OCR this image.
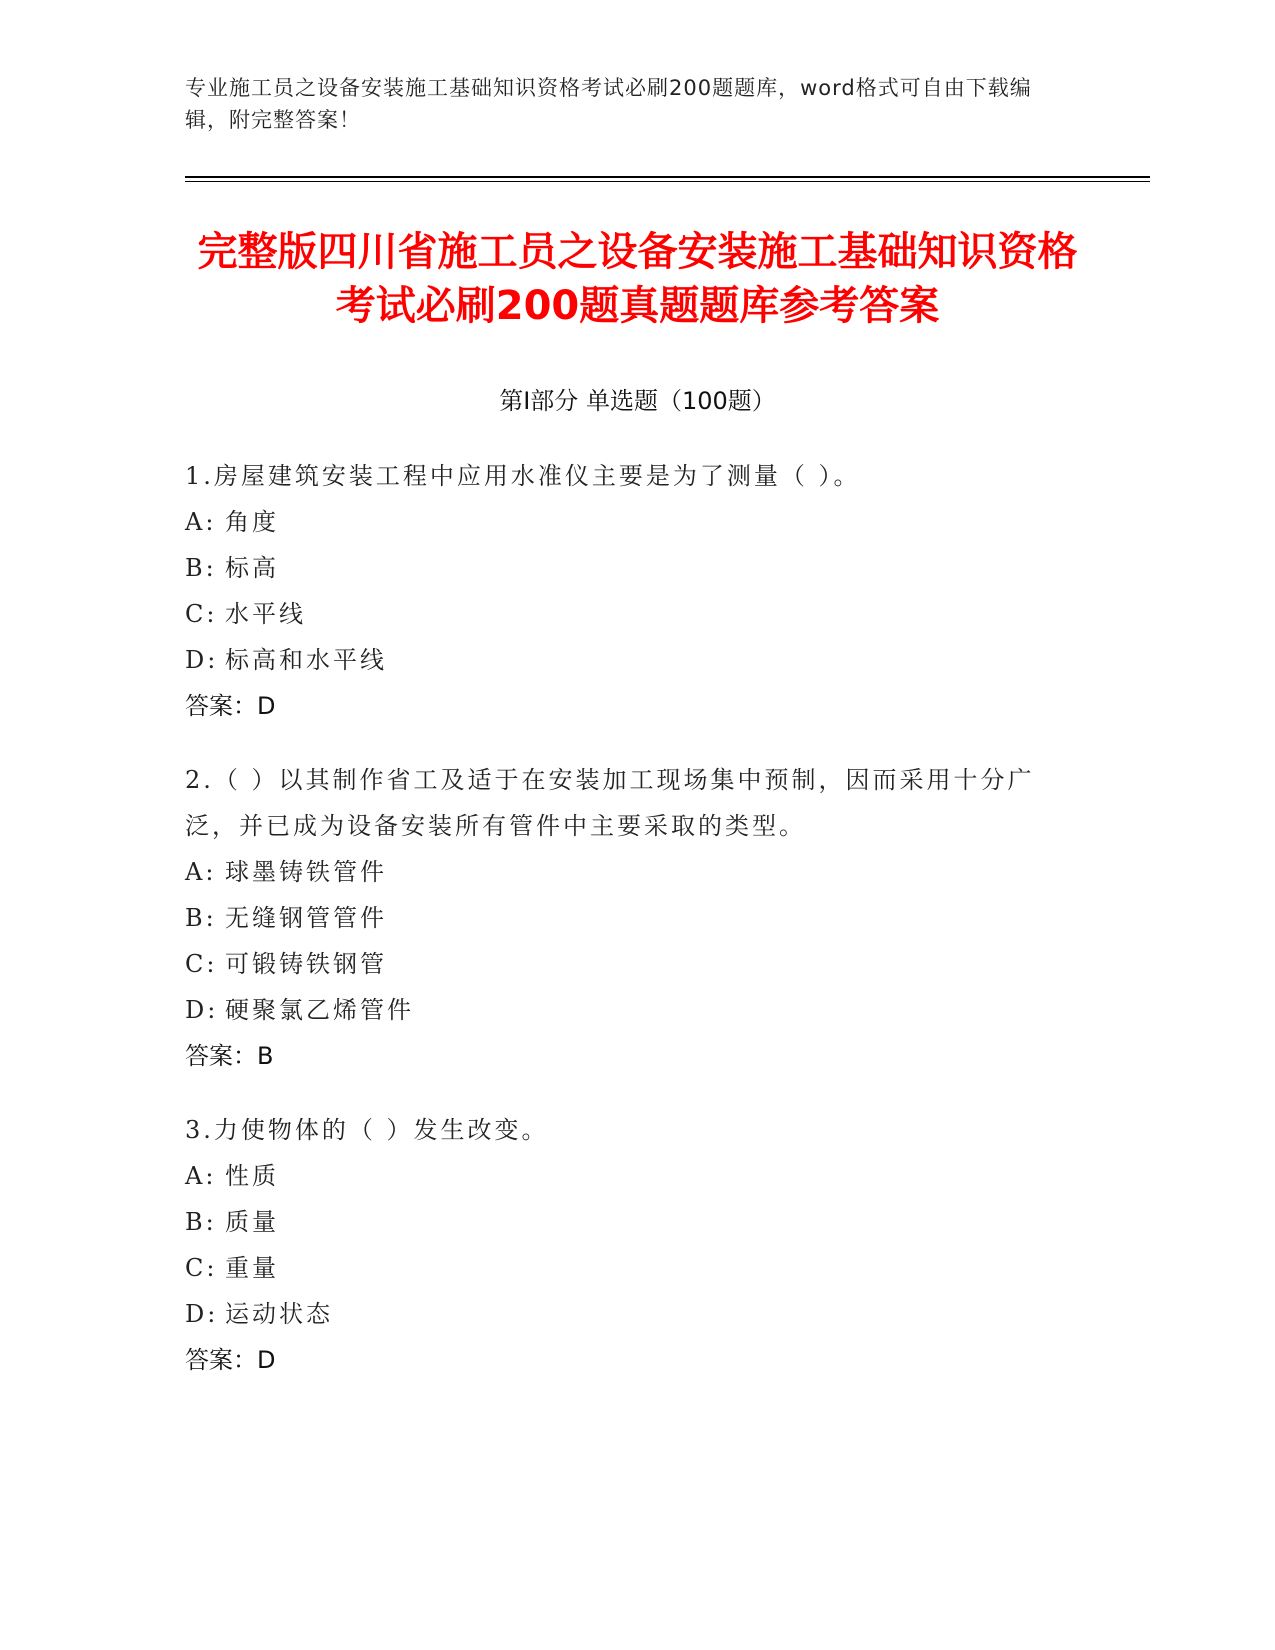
专业施工员之设备安装施工基础知识资格考试必刷200题题库，word格式可自由下载编辑，附完整答案！
完整版四川省施工员之设备安装施工基础知识资格考试必刷200题真题题库参考答案
第I部分 单选题（100题）
1.房屋建筑安装工程中应用水准仪主要是为了测量（ ）。
A: 角度
B: 标高
C: 水平线
D: 标高和水平线
答案：D
2.（ ）以其制作省工及适于在安装加工现场集中预制，因而采用十分广泛，并已成为设备安装所有管件中主要采取的类型。
A: 球墨铸铁管件
B: 无缝钢管管件
C: 可锻铸铁钢管
D: 硬聚氯乙烯管件
答案：B
3.力使物体的（ ）发生改变。
A: 性质
B: 质量
C: 重量
D: 运动状态
答案：D
